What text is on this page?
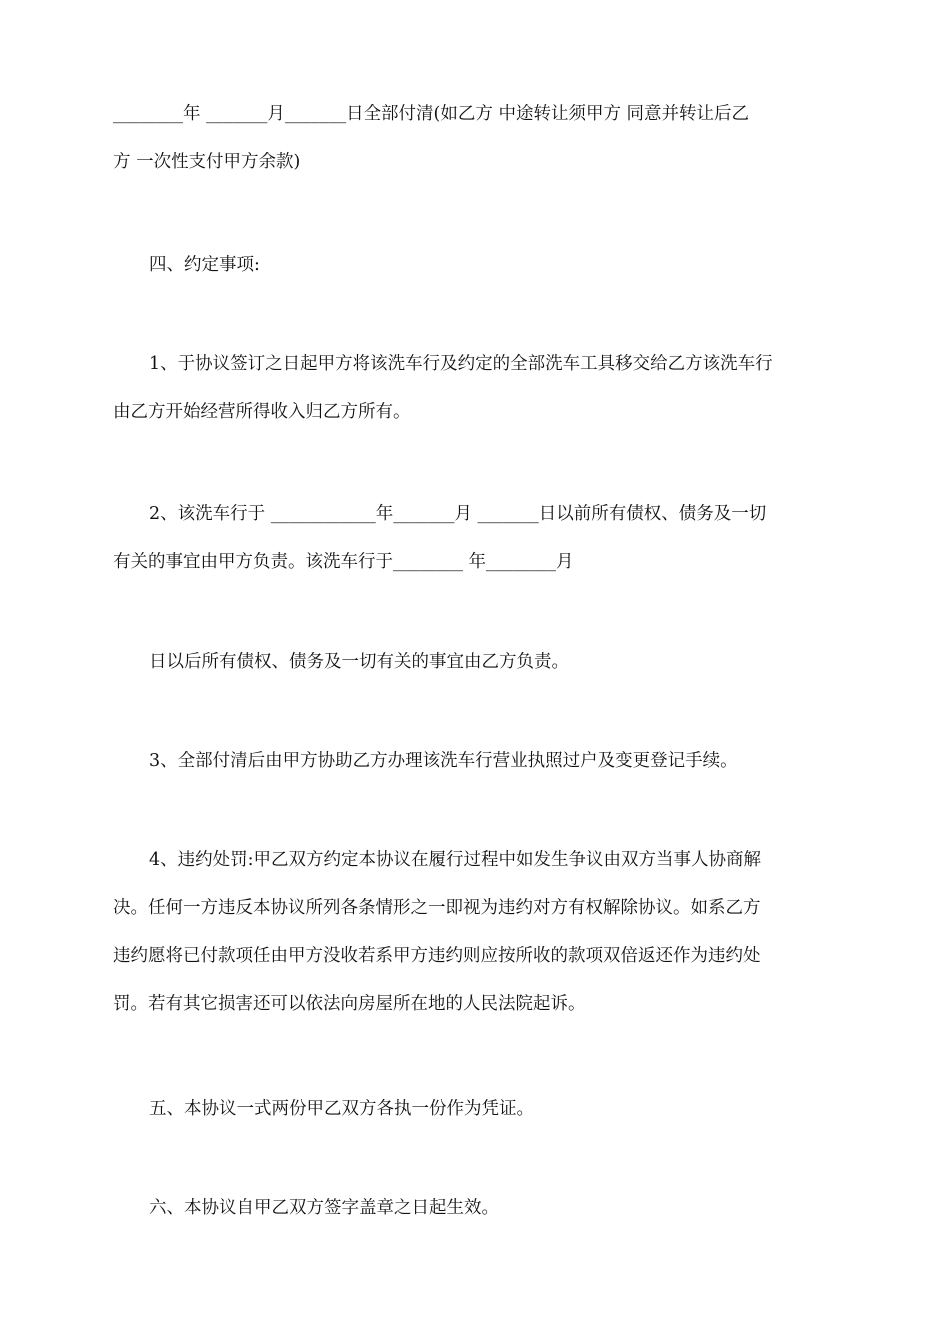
________年 _______月_______日全部付清(如乙方 中途转让须甲方 同意并转让后乙
方 一次性支付甲方余款)
四、约定事项:
1、于协议签订之日起甲方将该洗车行及约定的全部洗车工具移交给乙方该洗车行
由乙方开始经营所得收入归乙方所有。
2、该洗车行于 ____________年_______月 _______日以前所有债权、债务及一切
有关的事宜由甲方负责。该洗车行于________ 年________月
日以后所有债权、债务及一切有关的事宜由乙方负责。
3、全部付清后由甲方协助乙方办理该洗车行营业执照过户及变更登记手续。
4、违约处罚:甲乙双方约定本协议在履行过程中如发生争议由双方当事人协商解
决。任何一方违反本协议所列各条情形之一即视为违约对方有权解除协议。如系乙方
违约愿将已付款项任由甲方没收若系甲方违约则应按所收的款项双倍返还作为违约处
罚。若有其它损害还可以依法向房屋所在地的人民法院起诉。
五、本协议一式两份甲乙双方各执一份作为凭证。
六、本协议自甲乙双方签字盖章之日起生效。
